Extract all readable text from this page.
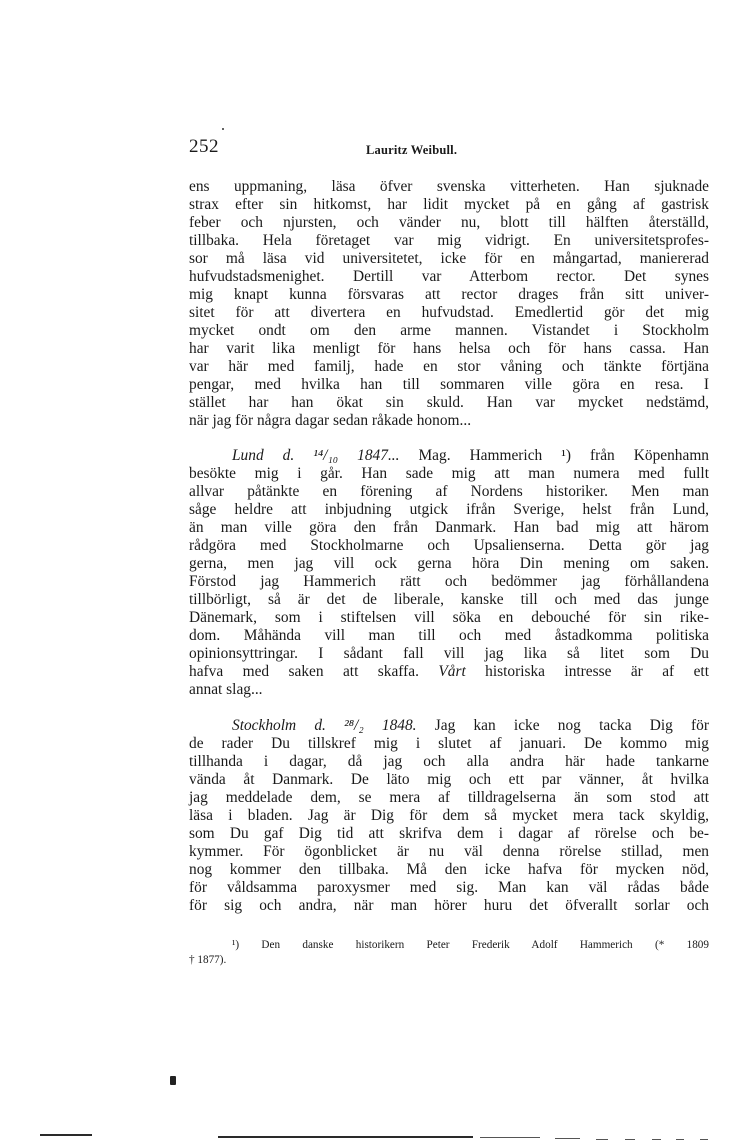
252	Lauritz Weibull.
ens uppmaning, läsa öfver svenska vitterheten. Han sjuknade
strax efter sin hitkomst, har lidit mycket på en gång af gastrisk
feber och njursten, och vänder nu, blott till hälften återställd,
tillbaka. Hela företaget var mig vidrigt. En universitetsprofes-
sor må läsa vid universitetet, icke för en mångartad, maniererad
hufvudstadsmenighet. Dertill var Atterbom rector. Det synes
mig knapt kunna försvaras att rector drages från sitt univer-
sitet för att divertera en hufvudstad. Emedlertid gör det mig
mycket ondt om den arme mannen. Vistandet i Stockholm
har varit lika menligt för hans helsa och för hans cassa. Han
var här med familj, hade en stor våning och tänkte förtjäna
pengar, med hvilka han till sommaren ville göra en resa. I
stället har han ökat sin skuld. Han var mycket nedstämd,
när jag för några dagar sedan råkade honom...
Lund d. ¹⁴/₁₀ 1847... Mag. Hammerich ¹) från Köpenhamn
besökte mig i går. Han sade mig att man numera med fullt
allvar påtänkte en förening af Nordens historiker. Men man
såge heldre att inbjudning utgick ifrån Sverige, helst från Lund,
än man ville göra den från Danmark. Han bad mig att härom
rådgöra med Stockholmarne och Upsalienserna. Detta gör jag
gerna, men jag vill ock gerna höra Din mening om saken.
Förstod jag Hammerich rätt och bedömmer jag förhållandena
tillbörligt, så är det de liberale, kanske till och med das junge
Dänemark, som i stiftelsen vill söka en debouché för sin rike-
dom. Måhända vill man till och med åstadkomma politiska
opinionsyttringar. I sådant fall vill jag lika så litet som Du
hafva med saken att skaffa. Vårt historiska intresse är af ett
annat slag...
Stockholm d. ²⁸/₂ 1848. Jag kan icke nog tacka Dig för
de rader Du tillskref mig i slutet af januari. De kommo mig
tillhanda i dagar, då jag och alla andra här hade tankarne
vända åt Danmark. De läto mig och ett par vänner, åt hvilka
jag meddelade dem, se mera af tilldragelserna än som stod att
läsa i bladen. Jag är Dig för dem så mycket mera tack skyldig,
som Du gaf Dig tid att skrifva dem i dagar af rörelse och be-
kymmer. För ögonblicket är nu väl denna rörelse stillad, men
nog kommer den tillbaka. Må den icke hafva för mycken nöd,
för våldsamma paroxysmer med sig. Man kan väl rådas både
för sig och andra, när man hörer huru det öfverallt sorlar och
¹) Den danske historikern Peter Frederik Adolf Hammerich (* 1809
† 1877).
